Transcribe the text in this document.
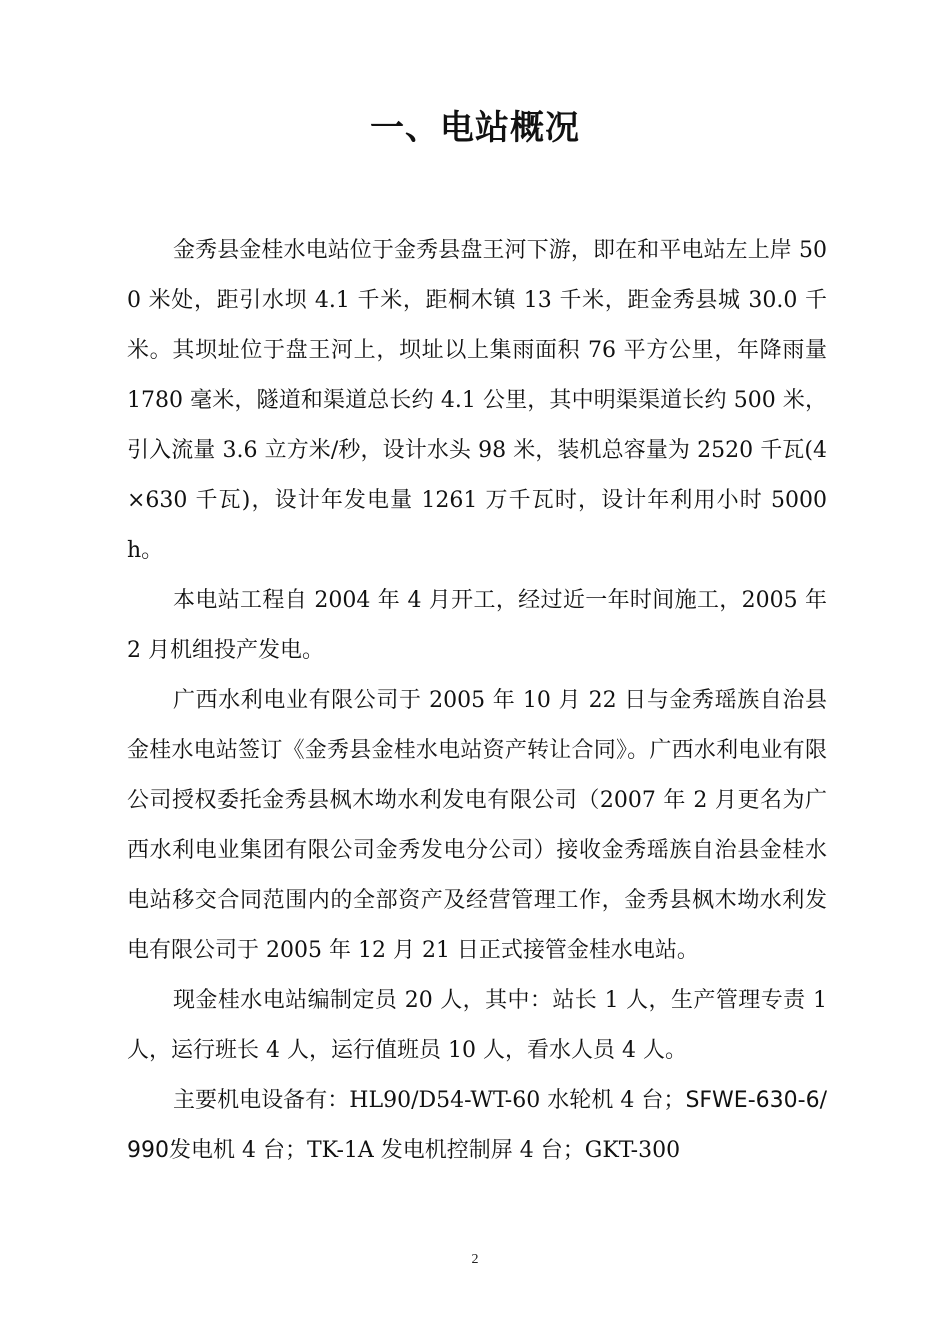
一、电站概况

金秀县金桂水电站位于金秀县盘王河下游，即在和平电站左上岸 500 米处，距引水坝 4.1 千米，距桐木镇 13 千米，距金秀县城 30.0 千米。其坝址位于盘王河上，坝址以上集雨面积 76 平方公里，年降雨量 1780 毫米，隧道和渠道总长约 4.1 公里，其中明渠渠道长约 500 米，引入流量 3.6 立方米/秒，设计水头 98 米，装机总容量为 2520 千瓦(4×630 千瓦)，设计年发电量 1261 万千瓦时，设计年利用小时 5000h。

本电站工程自 2004 年 4 月开工，经过近一年时间施工，2005 年 2 月机组投产发电。

广西水利电业有限公司于 2005 年 10 月 22 日与金秀瑶族自治县金桂水电站签订《金秀县金桂水电站资产转让合同》。广西水利电业有限公司授权委托金秀县枫木坳水利发电有限公司（2007 年 2 月更名为广西水利电业集团有限公司金秀发电分公司）接收金秀瑶族自治县金桂水电站移交合同范围内的全部资产及经营管理工作，金秀县枫木坳水利发电有限公司于 2005 年 12 月 21 日正式接管金桂水电站。

现金桂水电站编制定员 20 人，其中：站长 1 人，生产管理专责 1 人，运行班长 4 人，运行值班员 10 人，看水人员 4 人。

主要机电设备有：HL90/D54-WT-60 水轮机 4 台；SFWE-630-6/990发电机 4 台；TK-1A 发电机控制屏 4 台；GKT-300

2
